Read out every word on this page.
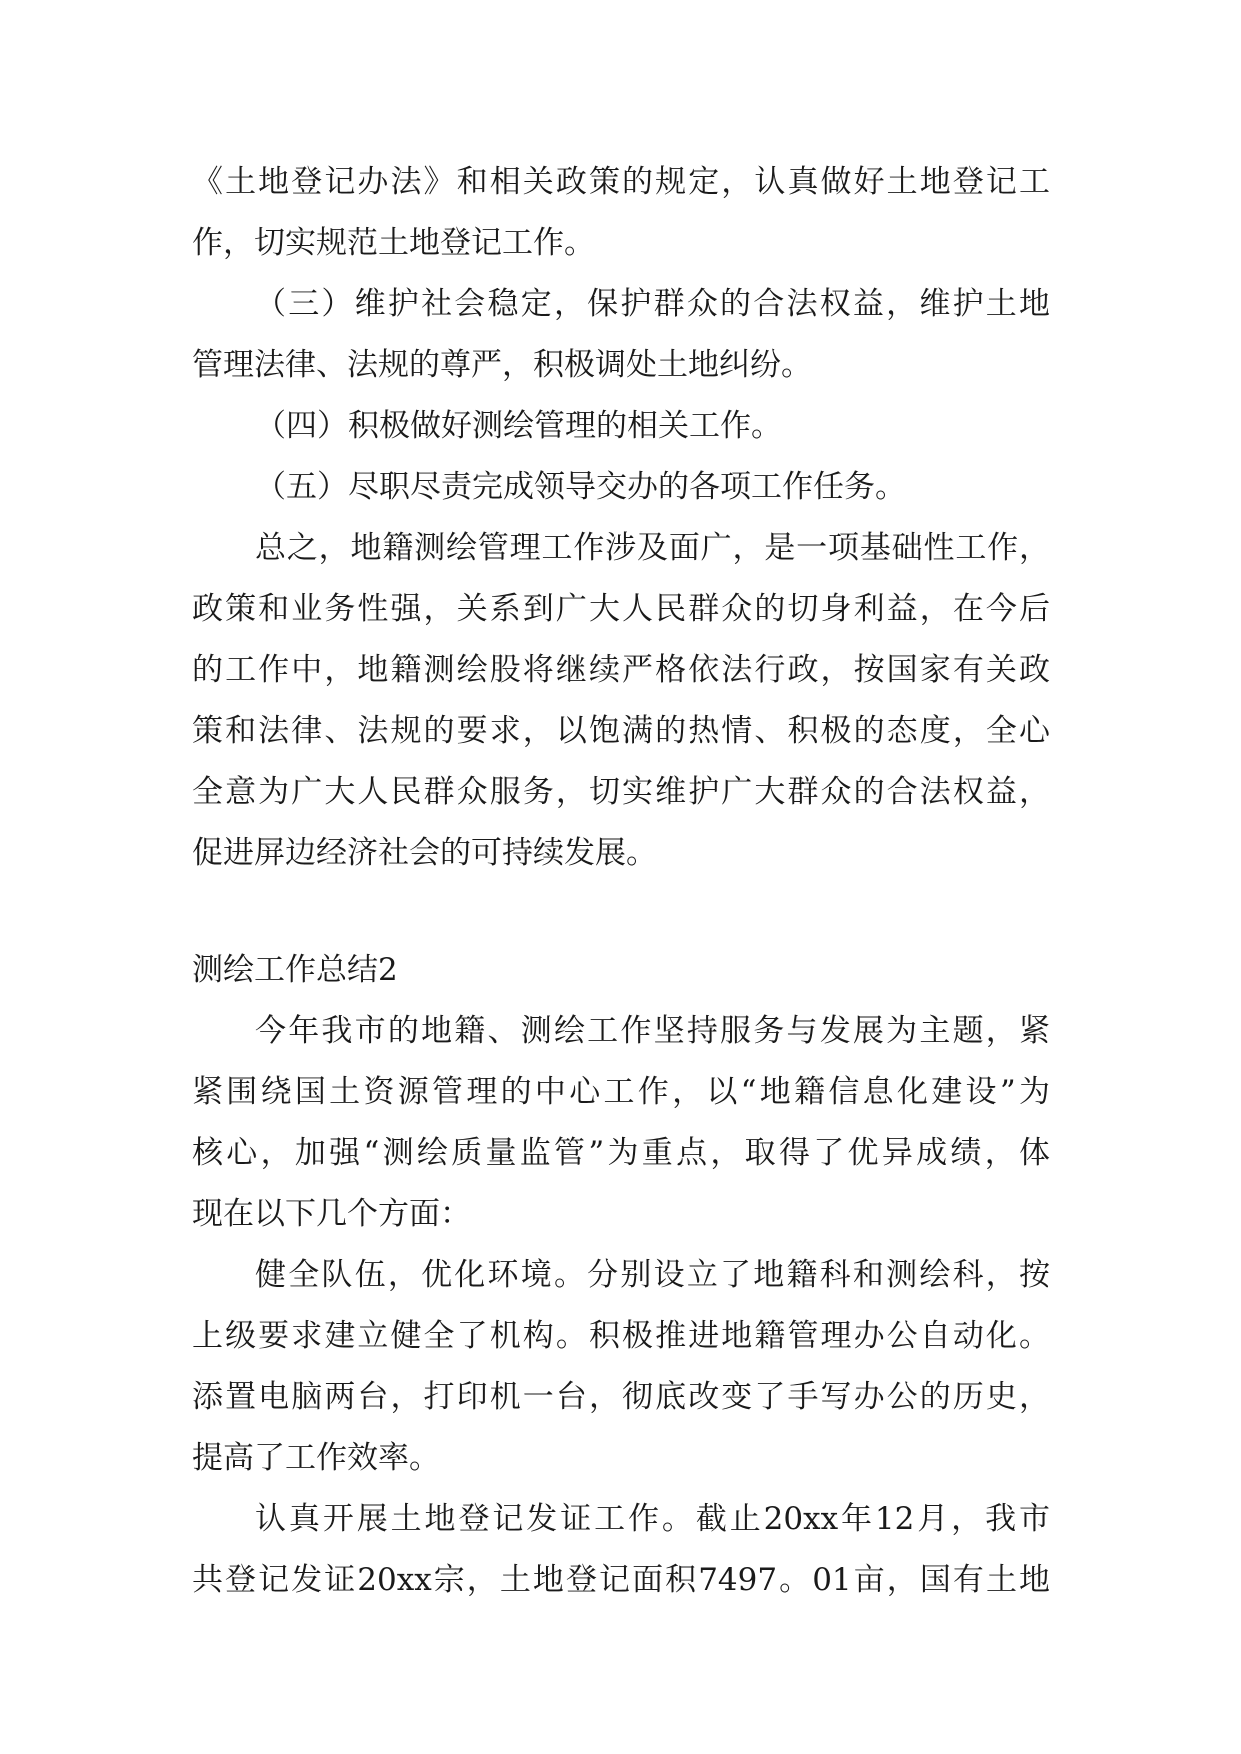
《土地登记办法》和相关政策的规定，认真做好土地登记工
作，切实规范土地登记工作。
（三）维护社会稳定，保护群众的合法权益，维护土地
管理法律、法规的尊严，积极调处土地纠纷。
（四）积极做好测绘管理的相关工作。
（五）尽职尽责完成领导交办的各项工作任务。
总之，地籍测绘管理工作涉及面广，是一项基础性工作，
政策和业务性强，关系到广大人民群众的切身利益，在今后
的工作中，地籍测绘股将继续严格依法行政，按国家有关政
策和法律、法规的要求，以饱满的热情、积极的态度，全心
全意为广大人民群众服务，切实维护广大群众的合法权益，
促进屏边经济社会的可持续发展。
测绘工作总结2
今年我市的地籍、测绘工作坚持服务与发展为主题，紧
紧围绕国土资源管理的中心工作，以“地籍信息化建设”为
核心，加强“测绘质量监管”为重点，取得了优异成绩，体
现在以下几个方面：
健全队伍，优化环境。分别设立了地籍科和测绘科，按
上级要求建立健全了机构。积极推进地籍管理办公自动化。
添置电脑两台，打印机一台，彻底改变了手写办公的历史，
提高了工作效率。
认真开展土地登记发证工作。截止20xx年12月，我市
共登记发证20xx宗，土地登记面积7497。01亩，国有土地
